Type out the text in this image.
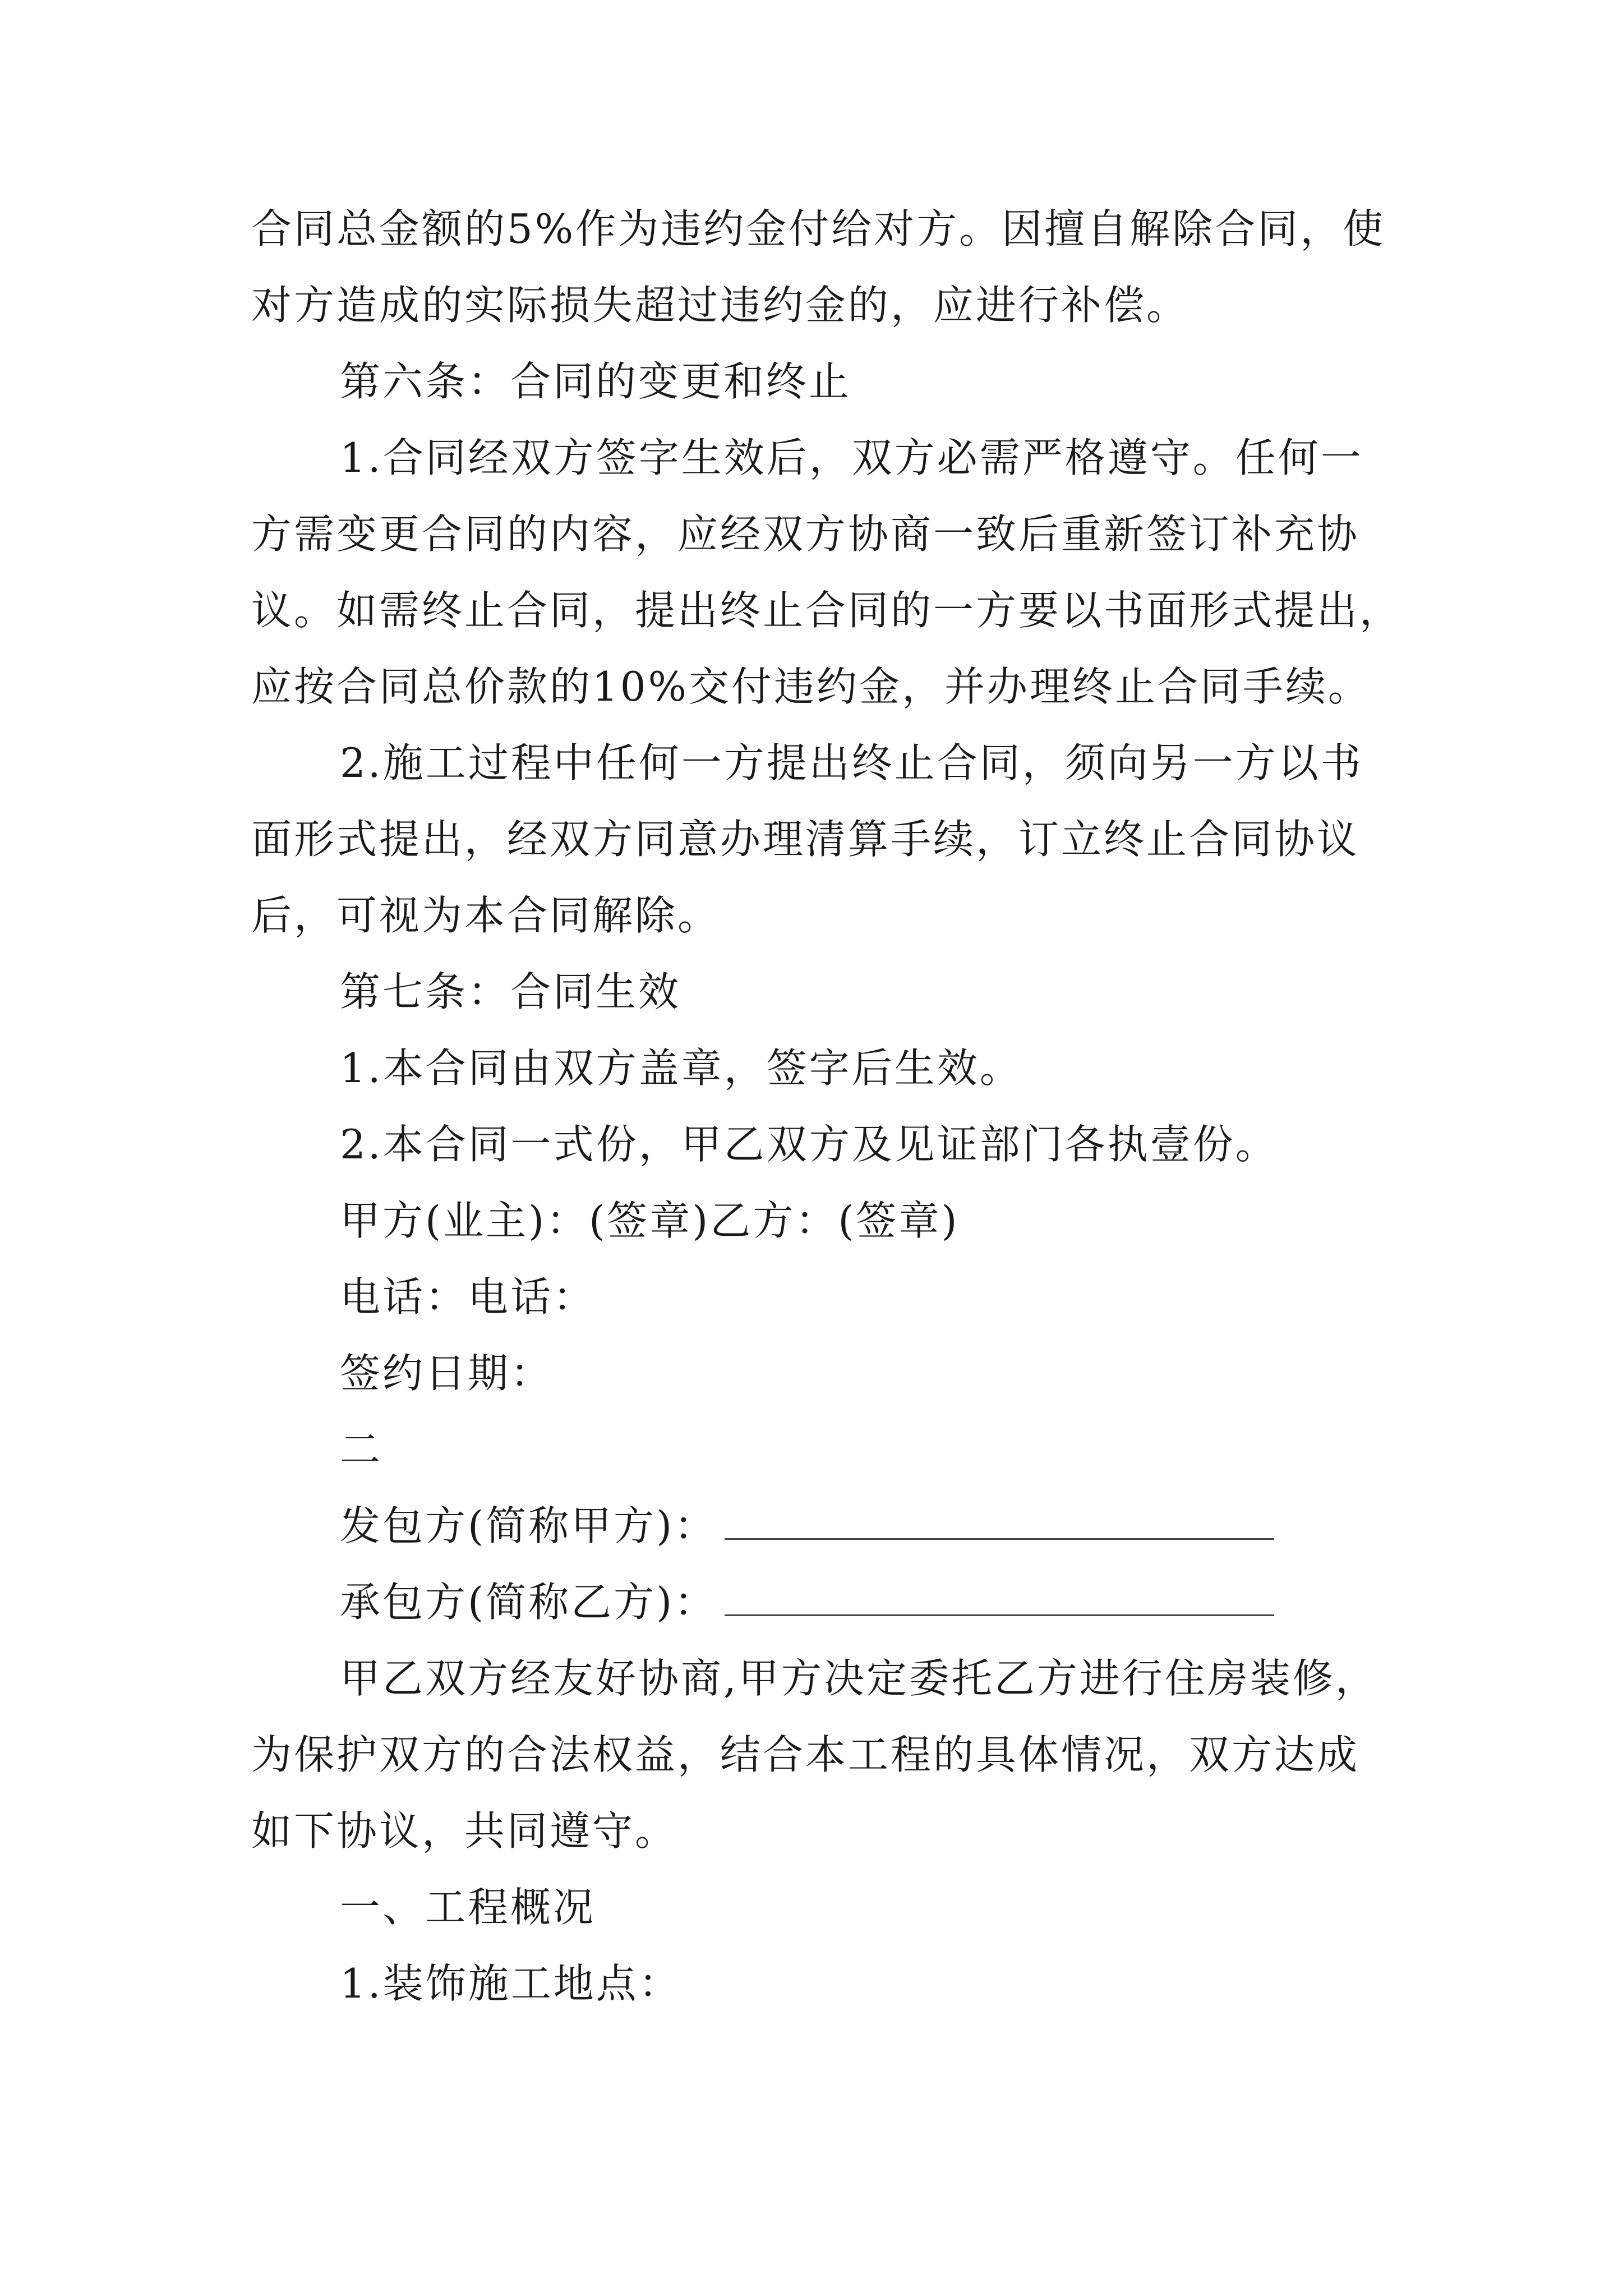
合同总金额的5%作为违约金付给对方。因擅自解除合同，使
对方造成的实际损失超过违约金的，应进行补偿。
第六条：合同的变更和终止
1.合同经双方签字生效后，双方必需严格遵守。任何一
方需变更合同的内容，应经双方协商一致后重新签订补充协
议。如需终止合同，提出终止合同的一方要以书面形式提出，
应按合同总价款的10%交付违约金，并办理终止合同手续。
2.施工过程中任何一方提出终止合同，须向另一方以书
面形式提出，经双方同意办理清算手续，订立终止合同协议
后，可视为本合同解除。
第七条：合同生效
1.本合同由双方盖章，签字后生效。
2.本合同一式份，甲乙双方及见证部门各执壹份。
甲方(业主)：(签章)乙方：(签章)
电话：电话：
签约日期：
二
发包方(简称甲方)：
承包方(简称乙方)：
甲乙双方经友好协商,甲方决定委托乙方进行住房装修，
为保护双方的合法权益，结合本工程的具体情况，双方达成
如下协议，共同遵守。
一、工程概况
1.装饰施工地点：
